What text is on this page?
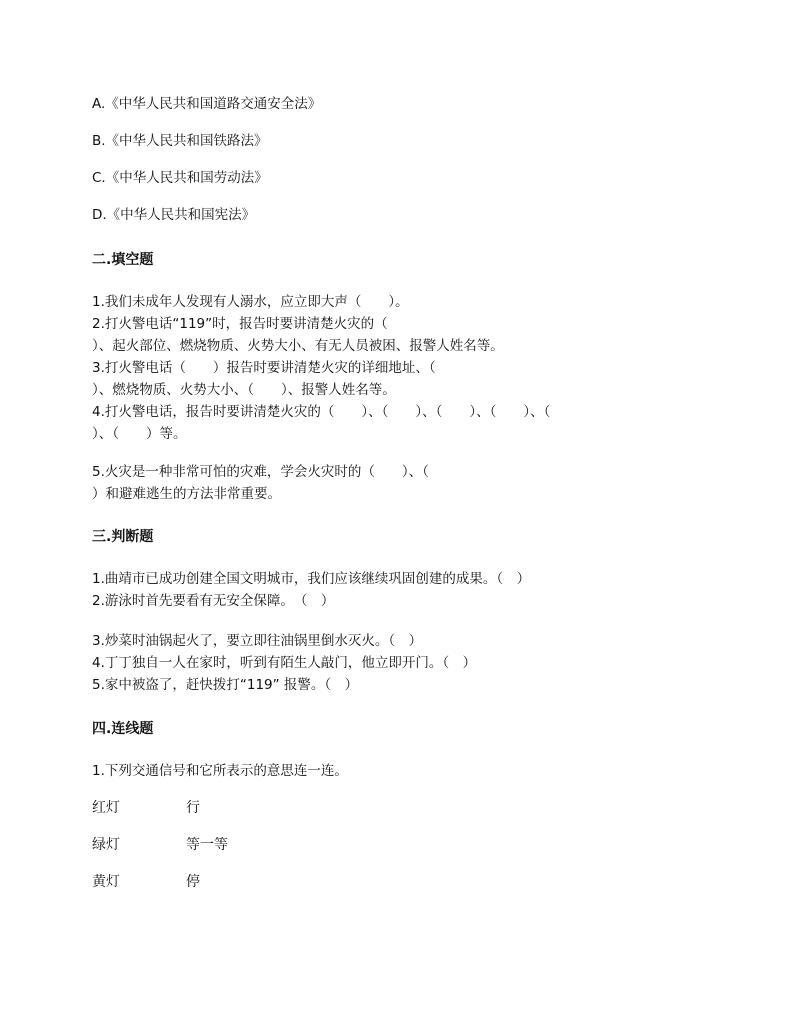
A.《中华人民共和国道路交通安全法》
B.《中华人民共和国铁路法》
C.《中华人民共和国劳动法》
D.《中华人民共和国宪法》
二.填空题
1.我们未成年人发现有人溺水，应立即大声（　　）。
2.打火警电话“119”时，报告时要讲清楚火灾的（
）、起火部位、燃烧物质、火势大小、有无人员被困、报警人姓名等。
3.打火警电话（　　）报告时要讲清楚火灾的详细地址、（
）、燃烧物质、火势大小、（　　）、报警人姓名等。
4.打火警电话，报告时要讲清楚火灾的（　　）、（　　）、（　　）、（　　）、（
）、（　　）等。
5.火灾是一种非常可怕的灾难，学会火灾时的（　　）、（
）和避难逃生的方法非常重要。
三.判断题
1.曲靖市已成功创建全国文明城市，我们应该继续巩固创建的成果。（　）
2.游泳时首先要看有无安全保障。　（　）
3.炒菜时油锅起火了，要立即往油锅里倒水灭火。（　）
4.丁丁独自一人在家时，听到有陌生人敲门，他立即开门。（　）
5.家中被盗了，赶快拨打“119” 报警。（　）
四.连线题
1.下列交通信号和它所表示的意思连一连。
红灯	行
绿灯	等一等
黄灯	停
